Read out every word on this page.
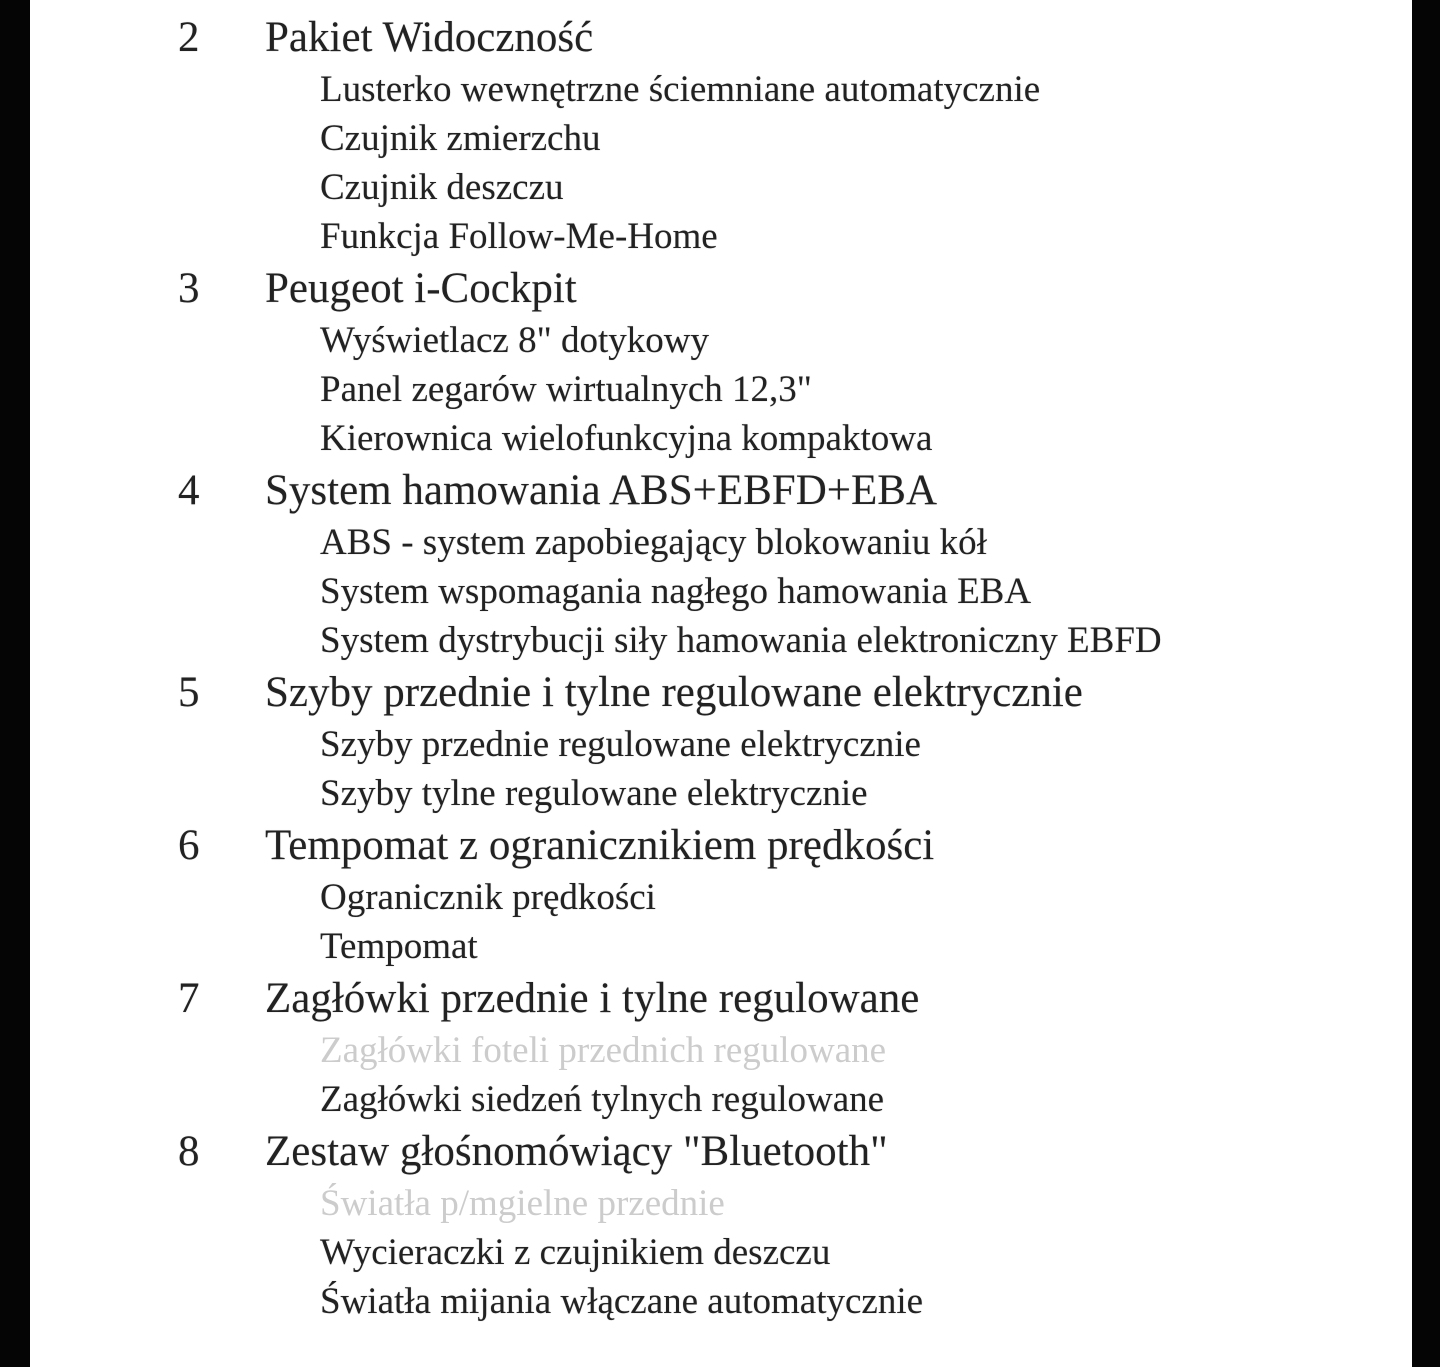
2	Pakiet Widoczność
Lusterko wewnętrzne ściemniane automatycznie
Czujnik zmierzchu
Czujnik deszczu
Funkcja Follow-Me-Home
3	Peugeot i-Cockpit
Wyświetlacz 8" dotykowy
Panel zegarów wirtualnych 12,3"
Kierownica wielofunkcyjna kompaktowa
4	System hamowania ABS+EBFD+EBA
ABS - system zapobiegający blokowaniu kół
System wspomagania nagłego hamowania EBA
System dystrybucji siły hamowania elektroniczny EBFD
5	Szyby przednie i tylne regulowane elektrycznie
Szyby przednie regulowane elektrycznie
Szyby tylne regulowane elektrycznie
6	Tempomat z ogranicznikiem prędkości
Ogranicznik prędkości
Tempomat
7	Zagłówki przednie i tylne regulowane
Zagłówki foteli przednich regulowane
Zagłówki siedzeń tylnych regulowane
8	Zestaw głośnomówiący "Bluetooth"
Światła p/mgielne przednie
Wycieraczki z czujnikiem deszczu
Światła mijania włączane automatycznie
